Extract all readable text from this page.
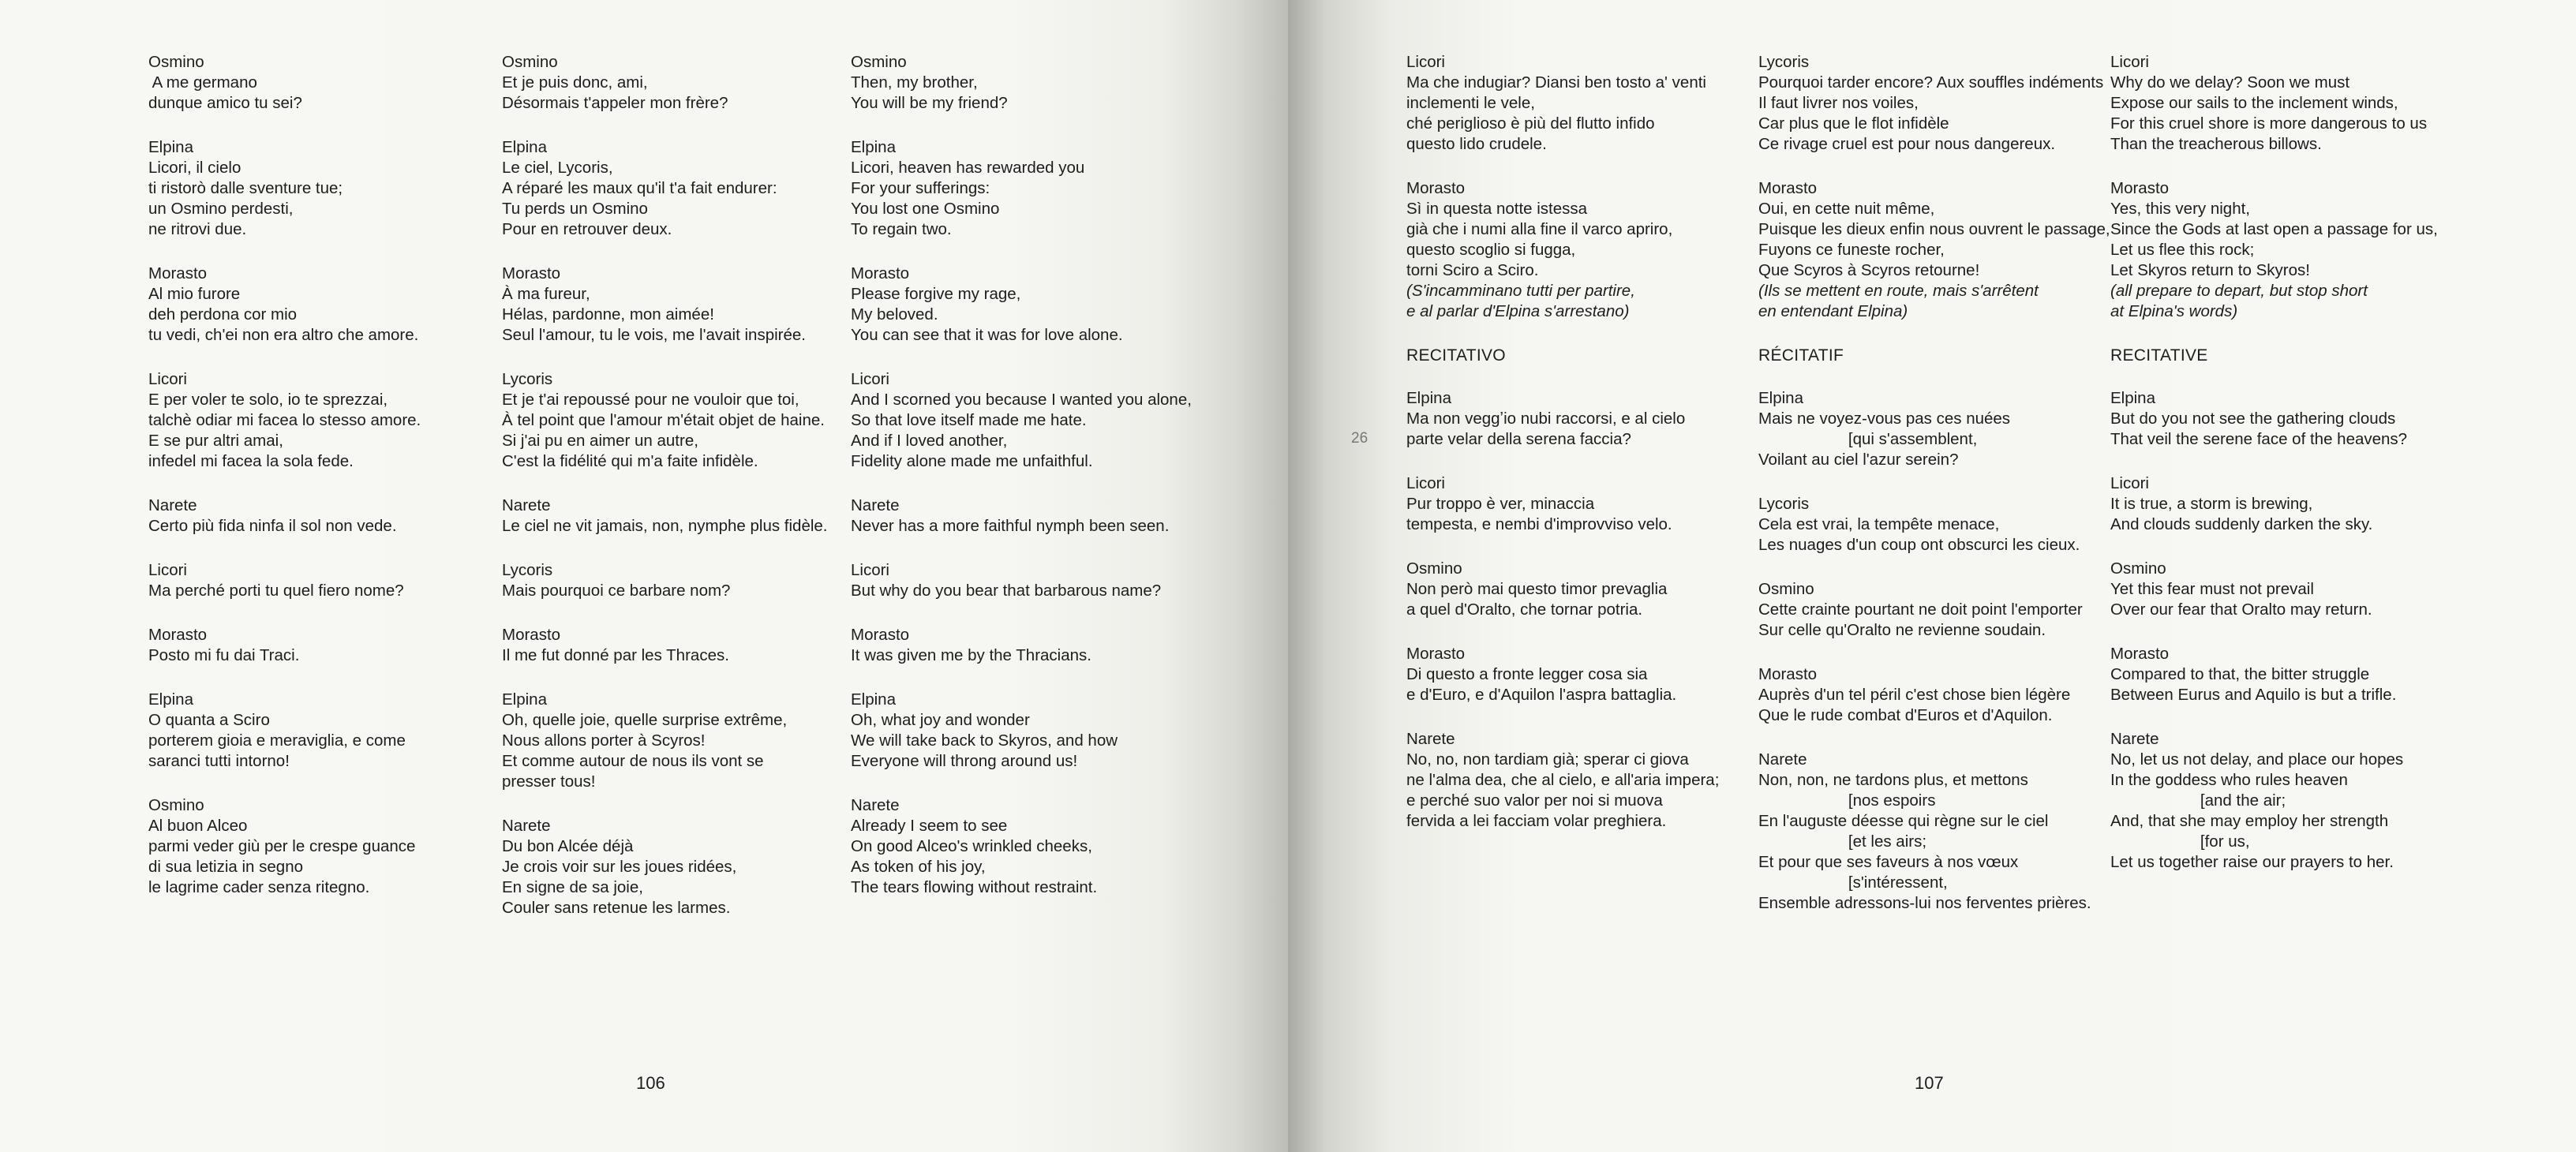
Osmino
A me germano
dunque amico tu sei?
Elpina
Licori, il cielo
ti ristorò dalle sventure tue;
un Osmino perdesti,
ne ritrovi due.
Morasto
Al mio furore
deh perdona cor mio
tu vedi, ch'ei non era altro che amore.
Licori
E per voler te solo, io te sprezzai,
talchè odiar mi facea lo stesso amore.
E se pur altri amai,
infedel mi facea la sola fede.
Narete
Certo più fida ninfa il sol non vede.
Licori
Ma perché porti tu quel fiero nome?
Morasto
Posto mi fu dai Traci.
Elpina
O quanta a Sciro
porterem gioia e meraviglia, e come
saranci tutti intorno!
Osmino
Al buon Alceo
parmi veder giù per le crespe guance
di sua letizia in segno
le lagrime cader senza ritegno.
Osmino
Et je puis donc, ami,
Désormais t'appeler mon frère?
Elpina
Le ciel, Lycoris,
A réparé les maux qu'il t'a fait endurer:
Tu perds un Osmino
Pour en retrouver deux.
Morasto
À ma fureur,
Hélas, pardonne, mon aimée!
Seul l'amour, tu le vois, me l'avait inspirée.
Lycoris
Et je t'ai repoussé pour ne vouloir que toi,
À tel point que l'amour m'était objet de haine.
Si j'ai pu en aimer un autre,
C'est la fidélité qui m'a faite infidèle.
Narete
Le ciel ne vit jamais, non, nymphe plus fidèle.
Lycoris
Mais pourquoi ce barbare nom?
Morasto
Il me fut donné par les Thraces.
Elpina
Oh, quelle joie, quelle surprise extrême,
Nous allons porter à Scyros!
Et comme autour de nous ils vont se
presser tous!
Narete
Du bon Alcée déjà
Je crois voir sur les joues ridées,
En signe de sa joie,
Couler sans retenue les larmes.
Osmino
Then, my brother,
You will be my friend?
Elpina
Licori, heaven has rewarded you
For your sufferings:
You lost one Osmino
To regain two.
Morasto
Please forgive my rage,
My beloved.
You can see that it was for love alone.
Licori
And I scorned you because I wanted you alone,
So that love itself made me hate.
And if I loved another,
Fidelity alone made me unfaithful.
Narete
Never has a more faithful nymph been seen.
Licori
But why do you bear that barbarous name?
Morasto
It was given me by the Thracians.
Elpina
Oh, what joy and wonder
We will take back to Skyros, and how
Everyone will throng around us!
Narete
Already I seem to see
On good Alceo's wrinkled cheeks,
As token of his joy,
The tears flowing without restraint.
106
26
Licori
Ma che indugiar? Diansi ben tosto a' venti
inclementi le vele,
ché periglioso è più del flutto infido
questo lido crudele.
Morasto
Sì in questa notte istessa
già che i numi alla fine il varco apriro,
questo scoglio si fugga,
torni Sciro a Sciro.
(S'incamminano tutti per partire,
e al parlar d'Elpina s'arrestano)
RECITATIVO
Elpina
Ma non veggʼio nubi raccorsi, e al cielo
parte velar della serena faccia?
Licori
Pur troppo è ver, minaccia
tempesta, e nembi d'improvviso velo.
Osmino
Non però mai questo timor prevaglia
a quel d'Oralto, che tornar potria.
Morasto
Di questo a fronte legger cosa sia
e d'Euro, e d'Aquilon l'aspra battaglia.
Narete
No, no, non tardiam già; sperar ci giova
ne l'alma dea, che al cielo, e all'aria impera;
e perché suo valor per noi si muova
fervida a lei facciam volar preghiera.
Lycoris
Pourquoi tarder encore? Aux souffles indéments
Il faut livrer nos voiles,
Car plus que le flot infidèle
Ce rivage cruel est pour nous dangereux.
Morasto
Oui, en cette nuit même,
Puisque les dieux enfin nous ouvrent le passage,
Fuyons ce funeste rocher,
Que Scyros à Scyros retourne!
(Ils se mettent en route, mais s'arrêtent
en entendant Elpina)
RÉCITATIF
Elpina
Mais ne voyez-vous pas ces nuées
[qui s'assemblent,
Voilant au ciel l'azur serein?
Lycoris
Cela est vrai, la tempête menace,
Les nuages d'un coup ont obscurci les cieux.
Osmino
Cette crainte pourtant ne doit point l'emporter
Sur celle qu'Oralto ne revienne soudain.
Morasto
Auprès d'un tel péril c'est chose bien légère
Que le rude combat d'Euros et d'Aquilon.
Narete
Non, non, ne tardons plus, et mettons
[nos espoirs
En l'auguste déesse qui règne sur le ciel
[et les airs;
Et pour que ses faveurs à nos vœux
[s'intéressent,
Ensemble adressons-lui nos ferventes prières.
Licori
Why do we delay? Soon we must
Expose our sails to the inclement winds,
For this cruel shore is more dangerous to us
Than the treacherous billows.
Morasto
Yes, this very night,
Since the Gods at last open a passage for us,
Let us flee this rock;
Let Skyros return to Skyros!
(all prepare to depart, but stop short
at Elpina's words)
RECITATIVE
Elpina
But do you not see the gathering clouds
That veil the serene face of the heavens?
Licori
It is true, a storm is brewing,
And clouds suddenly darken the sky.
Osmino
Yet this fear must not prevail
Over our fear that Oralto may return.
Morasto
Compared to that, the bitter struggle
Between Eurus and Aquilo is but a trifle.
Narete
No, let us not delay, and place our hopes
In the goddess who rules heaven
[and the air;
And, that she may employ her strength
[for us,
Let us together raise our prayers to her.
107
